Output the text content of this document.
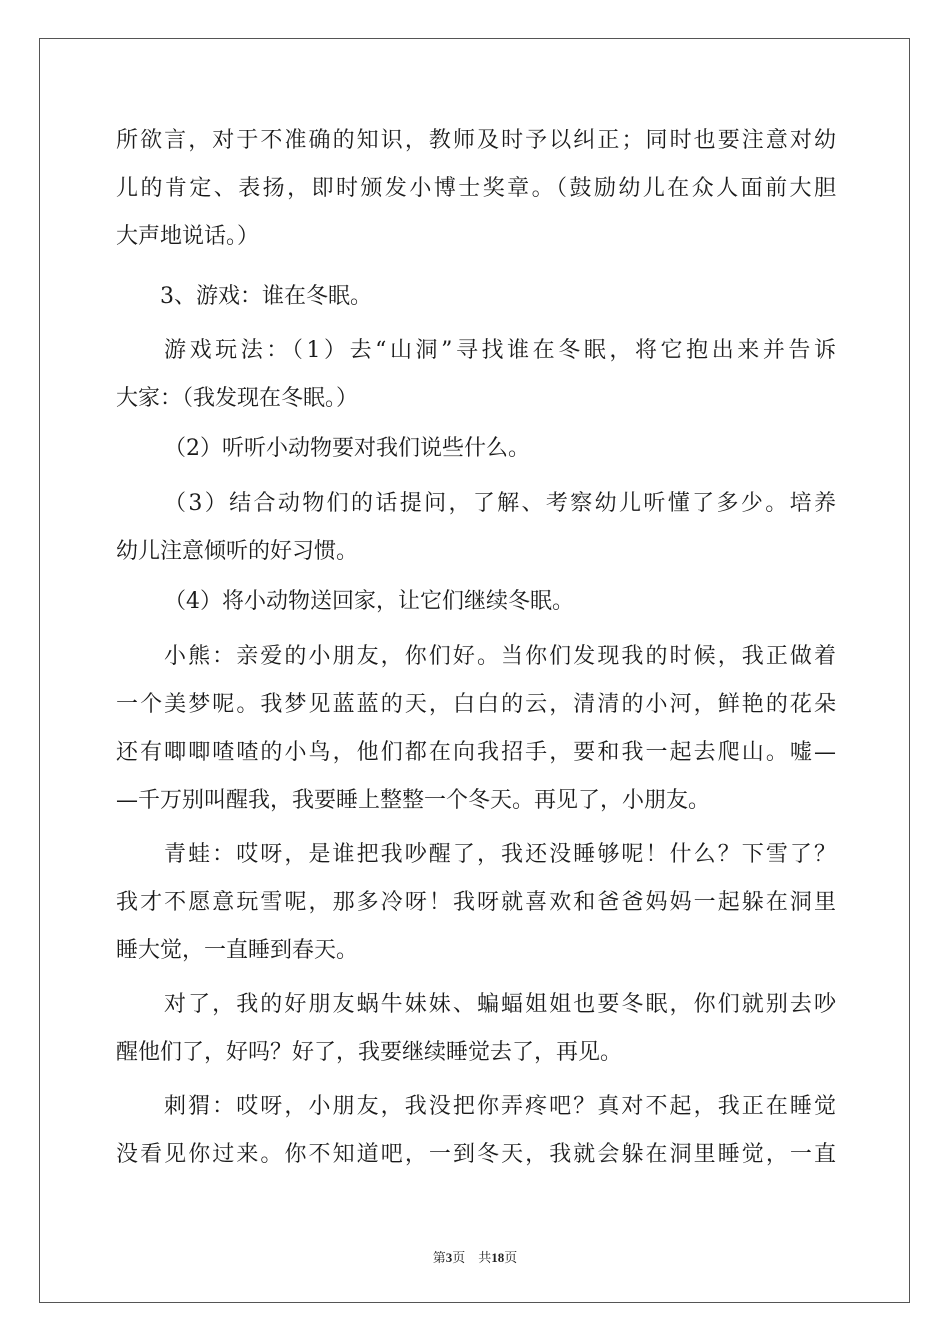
所欲言，对于不准确的知识，教师及时予以纠正；同时也要注意对幼
儿的肯定、表扬，即时颁发小博士奖章。（鼓励幼儿在众人面前大胆
大声地说话。）
3、游戏：谁在冬眠。
游戏玩法：（1）去“山洞”寻找谁在冬眠，将它抱出来并告诉
大家：（我发现在冬眠。）
（2）听听小动物要对我们说些什么。
（3）结合动物们的话提问，了解、考察幼儿听懂了多少。培养
幼儿注意倾听的好习惯。
（4）将小动物送回家，让它们继续冬眠。
小熊：亲爱的小朋友，你们好。当你们发现我的时候，我正做着
一个美梦呢。我梦见蓝蓝的天，白白的云，清清的小河，鲜艳的花朵
还有唧唧喳喳的小鸟，他们都在向我招手，要和我一起去爬山。嘘—
—千万别叫醒我，我要睡上整整一个冬天。再见了，小朋友。
青蛙：哎呀，是谁把我吵醒了，我还没睡够呢！什么？下雪了？
我才不愿意玩雪呢，那多冷呀！我呀就喜欢和爸爸妈妈一起躲在洞里
睡大觉，一直睡到春天。
对了，我的好朋友蜗牛妹妹、蝙蝠姐姐也要冬眠，你们就别去吵
醒他们了，好吗？好了，我要继续睡觉去了，再见。
刺猬：哎呀，小朋友，我没把你弄疼吧？真对不起，我正在睡觉
没看见你过来。你不知道吧，一到冬天，我就会躲在洞里睡觉，一直
第3页　共18页
